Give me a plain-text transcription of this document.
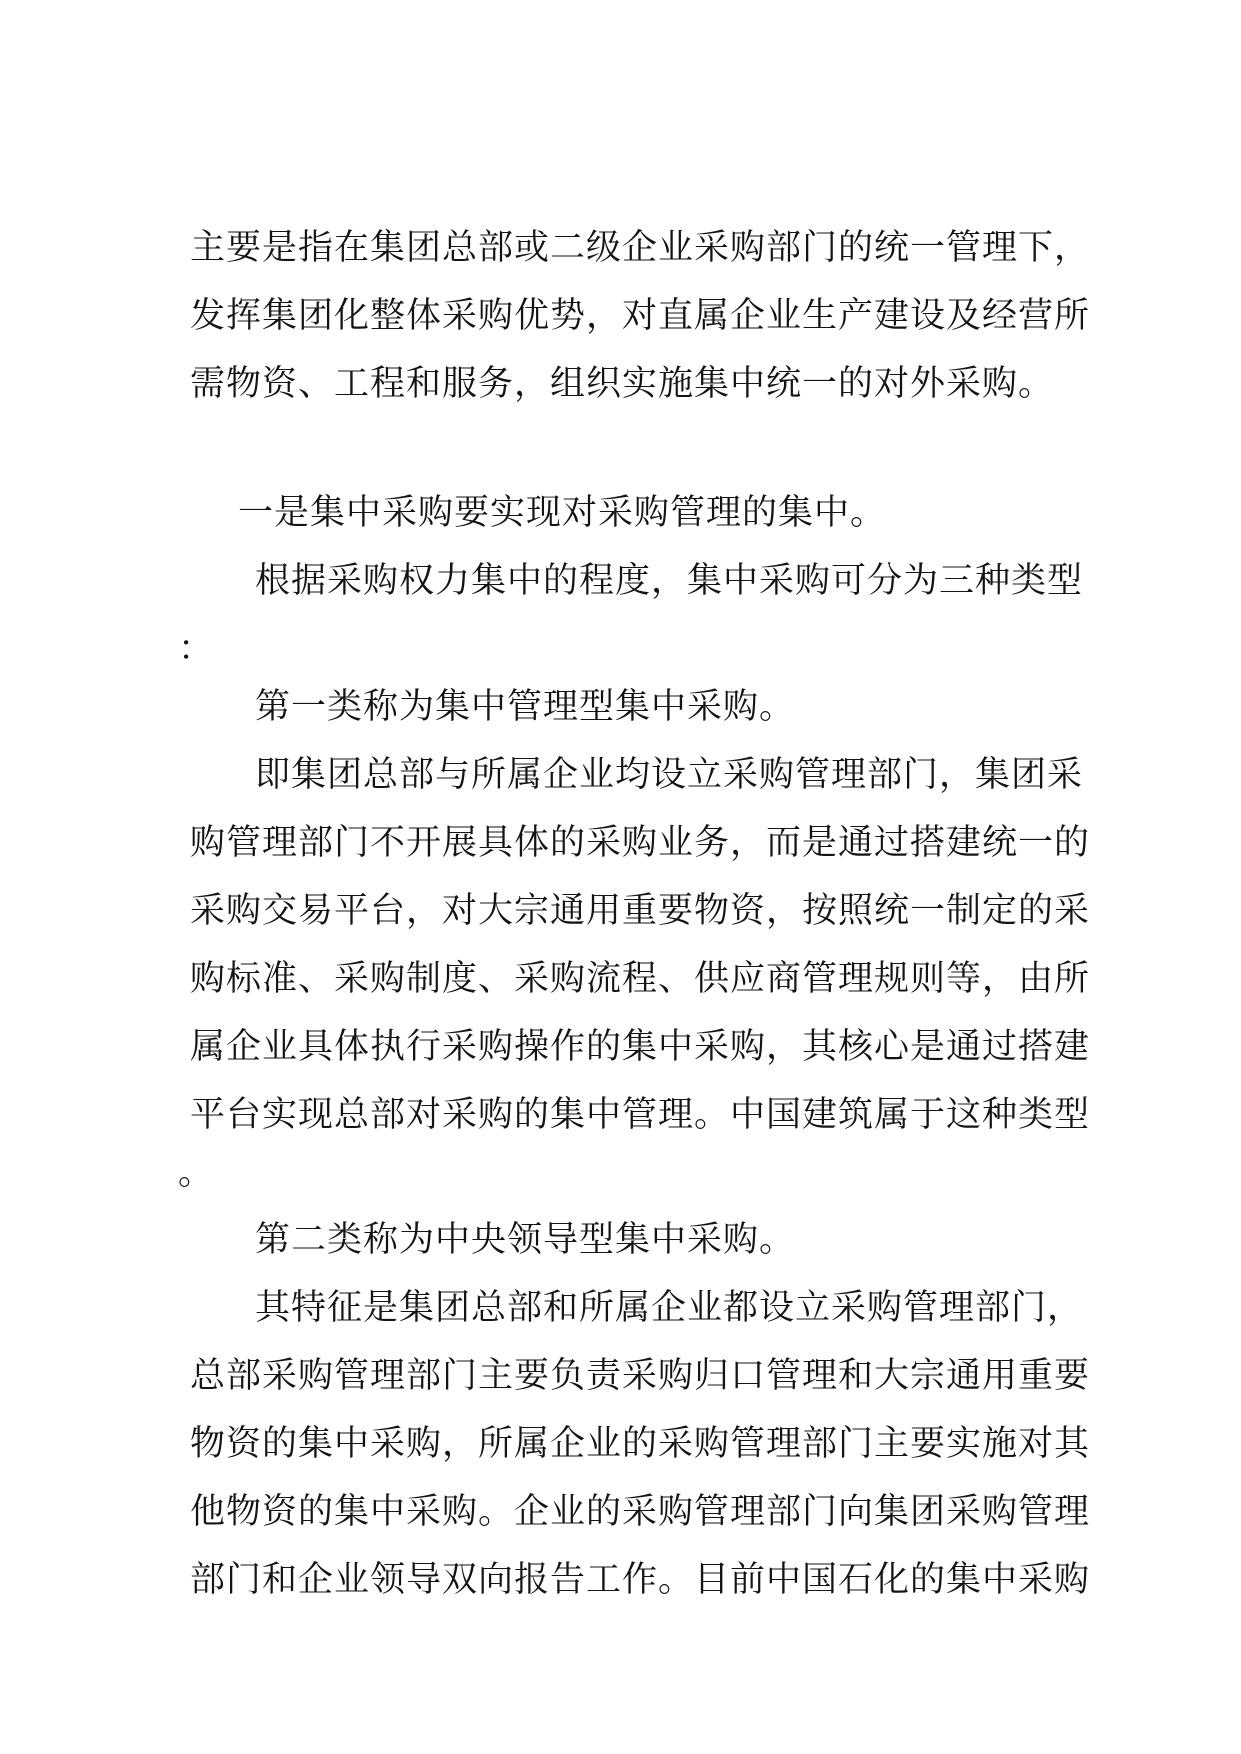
主要是指在集团总部或二级企业采购部门的统一管理下，
发挥集团化整体采购优势，对直属企业生产建设及经营所
需物资、工程和服务，组织实施集中统一的对外采购。
一是集中采购要实现对采购管理的集中。
根据采购权力集中的程度，集中采购可分为三种类型
：
第一类称为集中管理型集中采购。
即集团总部与所属企业均设立采购管理部门，集团采
购管理部门不开展具体的采购业务，而是通过搭建统一的
采购交易平台，对大宗通用重要物资，按照统一制定的采
购标准、采购制度、采购流程、供应商管理规则等，由所
属企业具体执行采购操作的集中采购，其核心是通过搭建
平台实现总部对采购的集中管理。中国建筑属于这种类型
。
第二类称为中央领导型集中采购。
其特征是集团总部和所属企业都设立采购管理部门，
总部采购管理部门主要负责采购归口管理和大宗通用重要
物资的集中采购，所属企业的采购管理部门主要实施对其
他物资的集中采购。企业的采购管理部门向集团采购管理
部门和企业领导双向报告工作。目前中国石化的集中采购
